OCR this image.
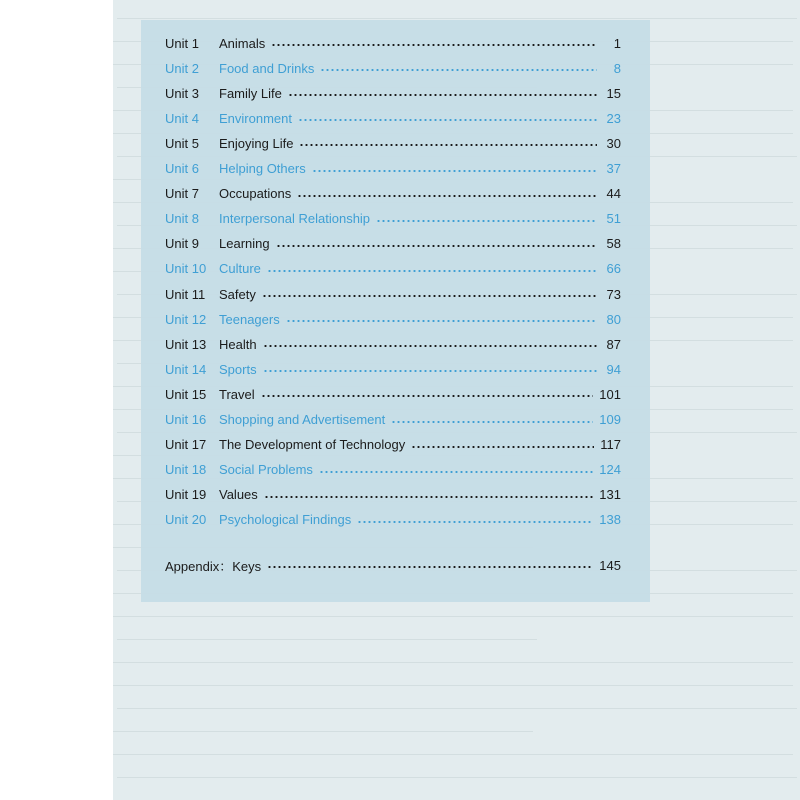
Unit 1	Animals	1
Unit 2	Food and Drinks	8
Unit 3	Family Life	15
Unit 4	Environment	23
Unit 5	Enjoying Life	30
Unit 6	Helping Others	37
Unit 7	Occupations	44
Unit 8	Interpersonal Relationship	51
Unit 9	Learning	58
Unit 10 Culture	66
Unit 11	Safety	73
Unit 12 Teenagers	80
Unit 13 Health	87
Unit 14 Sports	94
Unit 15 Travel	101
Unit 16 Shopping and Advertisement	109
Unit 17 The Development of Technology	117
Unit 18 Social Problems	124
Unit 19 Values	131
Unit 20 Psychological Findings	138
Appendix：Keys	145
